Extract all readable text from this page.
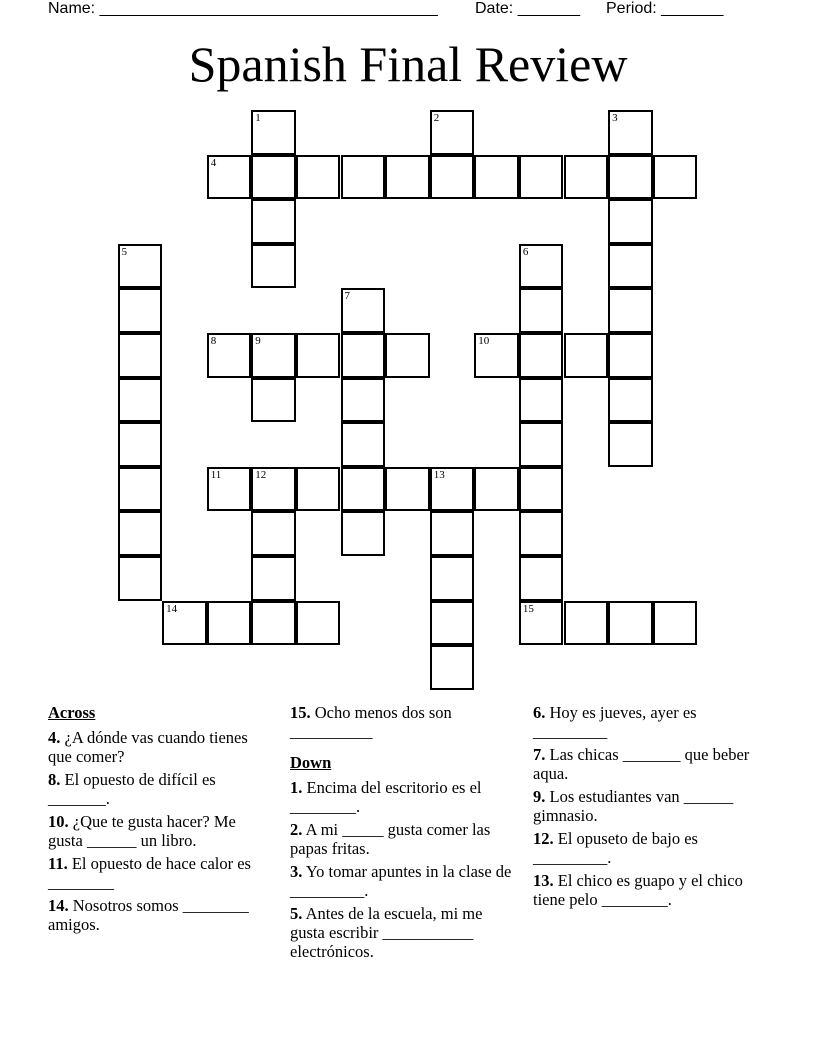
Name: ______________________________________ Date: _______ Period: _______
Spanish Final Review
1	2	3
4
5	6
7
8	9	10
11	12	13
14	15
Across
4. ¿A dónde vas cuando tienes que comer?
8. El opuesto de difícil es _______.
10. ¿Que te gusta hacer? Me gusta ______ un libro.
11. El opuesto de hace calor es ________
14. Nosotros somos ________ amigos.
15. Ocho menos dos son __________
Down
1. Encima del escritorio es el ________.
2. A mi _____ gusta comer las papas fritas.
3. Yo tomar apuntes in la clase de _________.
5. Antes de la escuela, mi me gusta escribir ___________ electrónicos.
6. Hoy es jueves, ayer es _________
7. Las chicas _______ que beber aqua.
9. Los estudiantes van ______ gimnasio.
12. El opuseto de bajo es _________.
13. El chico es guapo y el chico tiene pelo ________.
